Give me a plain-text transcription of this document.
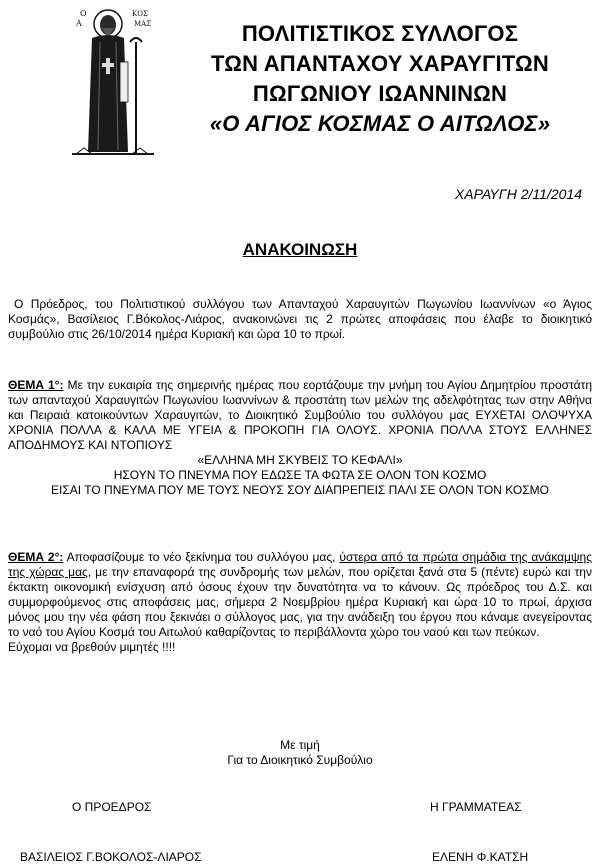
Ο
Α
ΚΟΣ
ΜΑΣ	ΠΟΛΙΤΙΣΤΙΚΟΣ ΣΥΛΛΟΓΟΣ
ΤΩΝ ΑΠΑΝΤΑΧΟΥ ΧΑΡΑΥΓΙΤΩΝ
ΠΩΓΩΝΙΟΥ ΙΩΑΝΝΙΝΩΝ
«Ο ΑΓΙΟΣ ΚΟΣΜΑΣ Ο ΑΙΤΩΛΟΣ»
ΧΑΡΑΥΓΗ 2/11/2014
ΑΝΑΚΟΙΝΩΣΗ

Ο Πρόεδρος, του Πολιτιστικού συλλόγου των Απανταχού Χαραυγιτών Πωγωνίου Ιωαννίνων «ο Άγιος Κοσμάς», Βασίλειος Γ.Βόκολος-Λιάρος, ανακοινώνει τις 2 πρώτες αποφάσεις που έλαβε το διοικητικό συμβούλιο στις 26/10/2014 ημέρα Κυριακή και ώρα 10 το πρωί.

ΘΕΜΑ 1°: Με την ευκαιρία της σημερινής ημέρας που εορτάζουμε την μνήμη του Αγίου Δημητρίου προστάτη των απανταχού Χαραυγιτών Πωγωνίου Ιωαννίνων & προστάτη των μελών της αδελφότητας των στην Αθήνα και Πειραιά κατοικούντων Χαραυγιτών, το Διοικητικό Συμβούλιο του συλλόγου μας ΕΥΧΕΤΑΙ ΟΛΟΨΥΧΑ ΧΡΟΝΙΑ ΠΟΛΛΑ & ΚΑΛΑ ΜΕ ΥΓΕΙΑ & ΠΡΟΚΟΠΗ ΓΙΑ ΟΛΟΥΣ. ΧΡΟΝΙΑ ΠΟΛΛΑ ΣΤΟΥΣ ΕΛΛΗΝΕΣ ΑΠΟΔΗΜΟΥΣ ΚΑΙ ΝΤΟΠΙΟΥΣ

«ΕΛΛΗΝΑ ΜΗ ΣΚΥΒΕΙΣ ΤΟ ΚΕΦΑΛΙ»

ΗΣΟΥΝ ΤΟ ΠΝΕΥΜΑ ΠΟΥ ΕΔΩΣΕ ΤΑ ΦΩΤΑ ΣΕ ΟΛΟΝ ΤΟΝ ΚΟΣΜΟ

ΕΙΣΑΙ ΤΟ ΠΝΕΥΜΑ ΠΟΥ ΜΕ ΤΟΥΣ ΝΕΟΥΣ ΣΟΥ ΔΙΑΠΡΕΠΕΙΣ ΠΑΛΙ ΣΕ ΟΛΟΝ ΤΟΝ ΚΟΣΜΟ

ΘΕΜΑ 2°: Αποφασίζουμε το νέο ξεκίνημα του συλλόγου μας, ύστερα από τα πρώτα σημάδια της ανάκαμψης της χώρας μας, με την επαναφορά της συνδρομής των μελών, που ορίζεται ξανά στα 5 (πέντε) ευρώ και την έκτακτη οικονομική ενίσχυση από όσους έχουν την δυνατότητα να το κάνουν. Ως πρόεδρος του Δ.Σ. και συμμορφούμενος στις αποφάσεις μας, σήμερα 2 Νοεμβρίου ημέρα Κυριακή και ώρα 10 το πρωί, άρχισα μόνος μου την νέα φάση που ξεκινάει ο σύλλογος μας, για την ανάδειξη του έργου που κάναμε ανεγείροντας το ναό του Αγίου Κοσμά του Αιτωλού καθαρίζοντας το περιβάλλοντα χώρο του ναού και των πεύκων.

Εύχομαι να βρεθούν μιμητές !!!!

Με τιμή
Για το Διοικητικό Συμβούλιο
Ο ΠΡΟΕΔΡΟΣ	Η ΓΡΑΜΜΑΤΕΑΣ
ΒΑΣΙΛΕΙΟΣ Γ.ΒΟΚΟΛΟΣ-ΛΙΑΡΟΣ	ΕΛΕΝΗ Φ.ΚΑΤΣΗ
